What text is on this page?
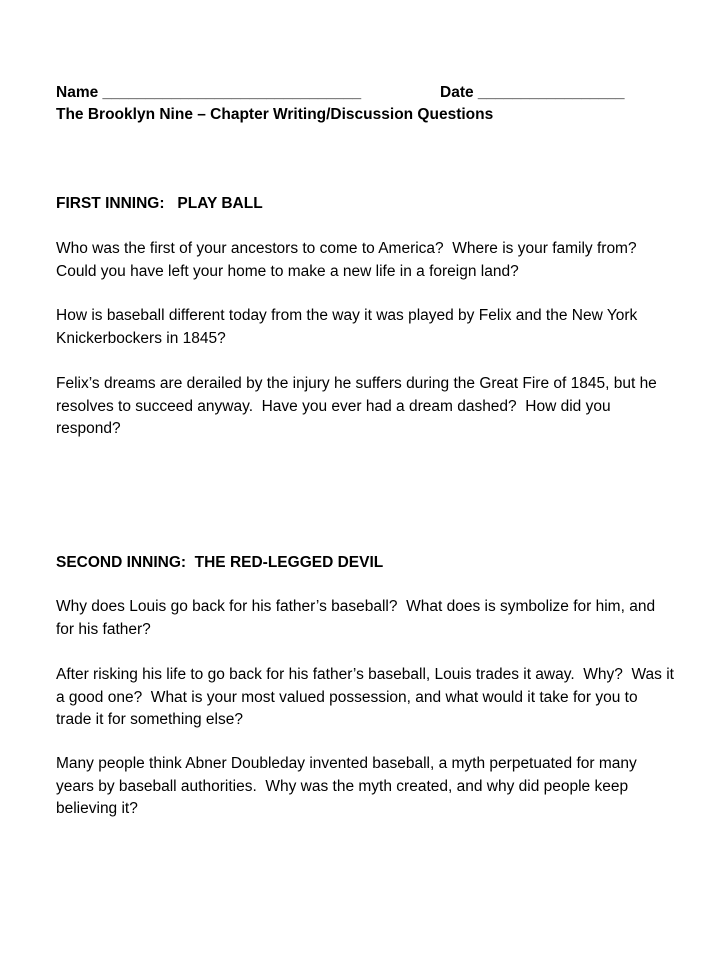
Name ______________________________	Date _________________
The Brooklyn Nine – Chapter Writing/Discussion Questions
FIRST INNING:   PLAY BALL
Who was the first of your ancestors to come to America?  Where is your family from?  Could you have left your home to make a new life in a foreign land?
How is baseball different today from the way it was played by Felix and the New York Knickerbockers in 1845?
Felix’s dreams are derailed by the injury he suffers during the Great Fire of 1845, but he resolves to succeed anyway.  Have you ever had a dream dashed?  How did you respond?
SECOND INNING:  THE RED-LEGGED DEVIL
Why does Louis go back for his father’s baseball?  What does is symbolize for him, and for his father?
After risking his life to go back for his father’s baseball, Louis trades it away.  Why?  Was it a good one?  What is your most valued possession, and what would it take for you to trade it for something else?
Many people think Abner Doubleday invented baseball, a myth perpetuated for many years by baseball authorities.  Why was the myth created, and why did people keep believing it?
